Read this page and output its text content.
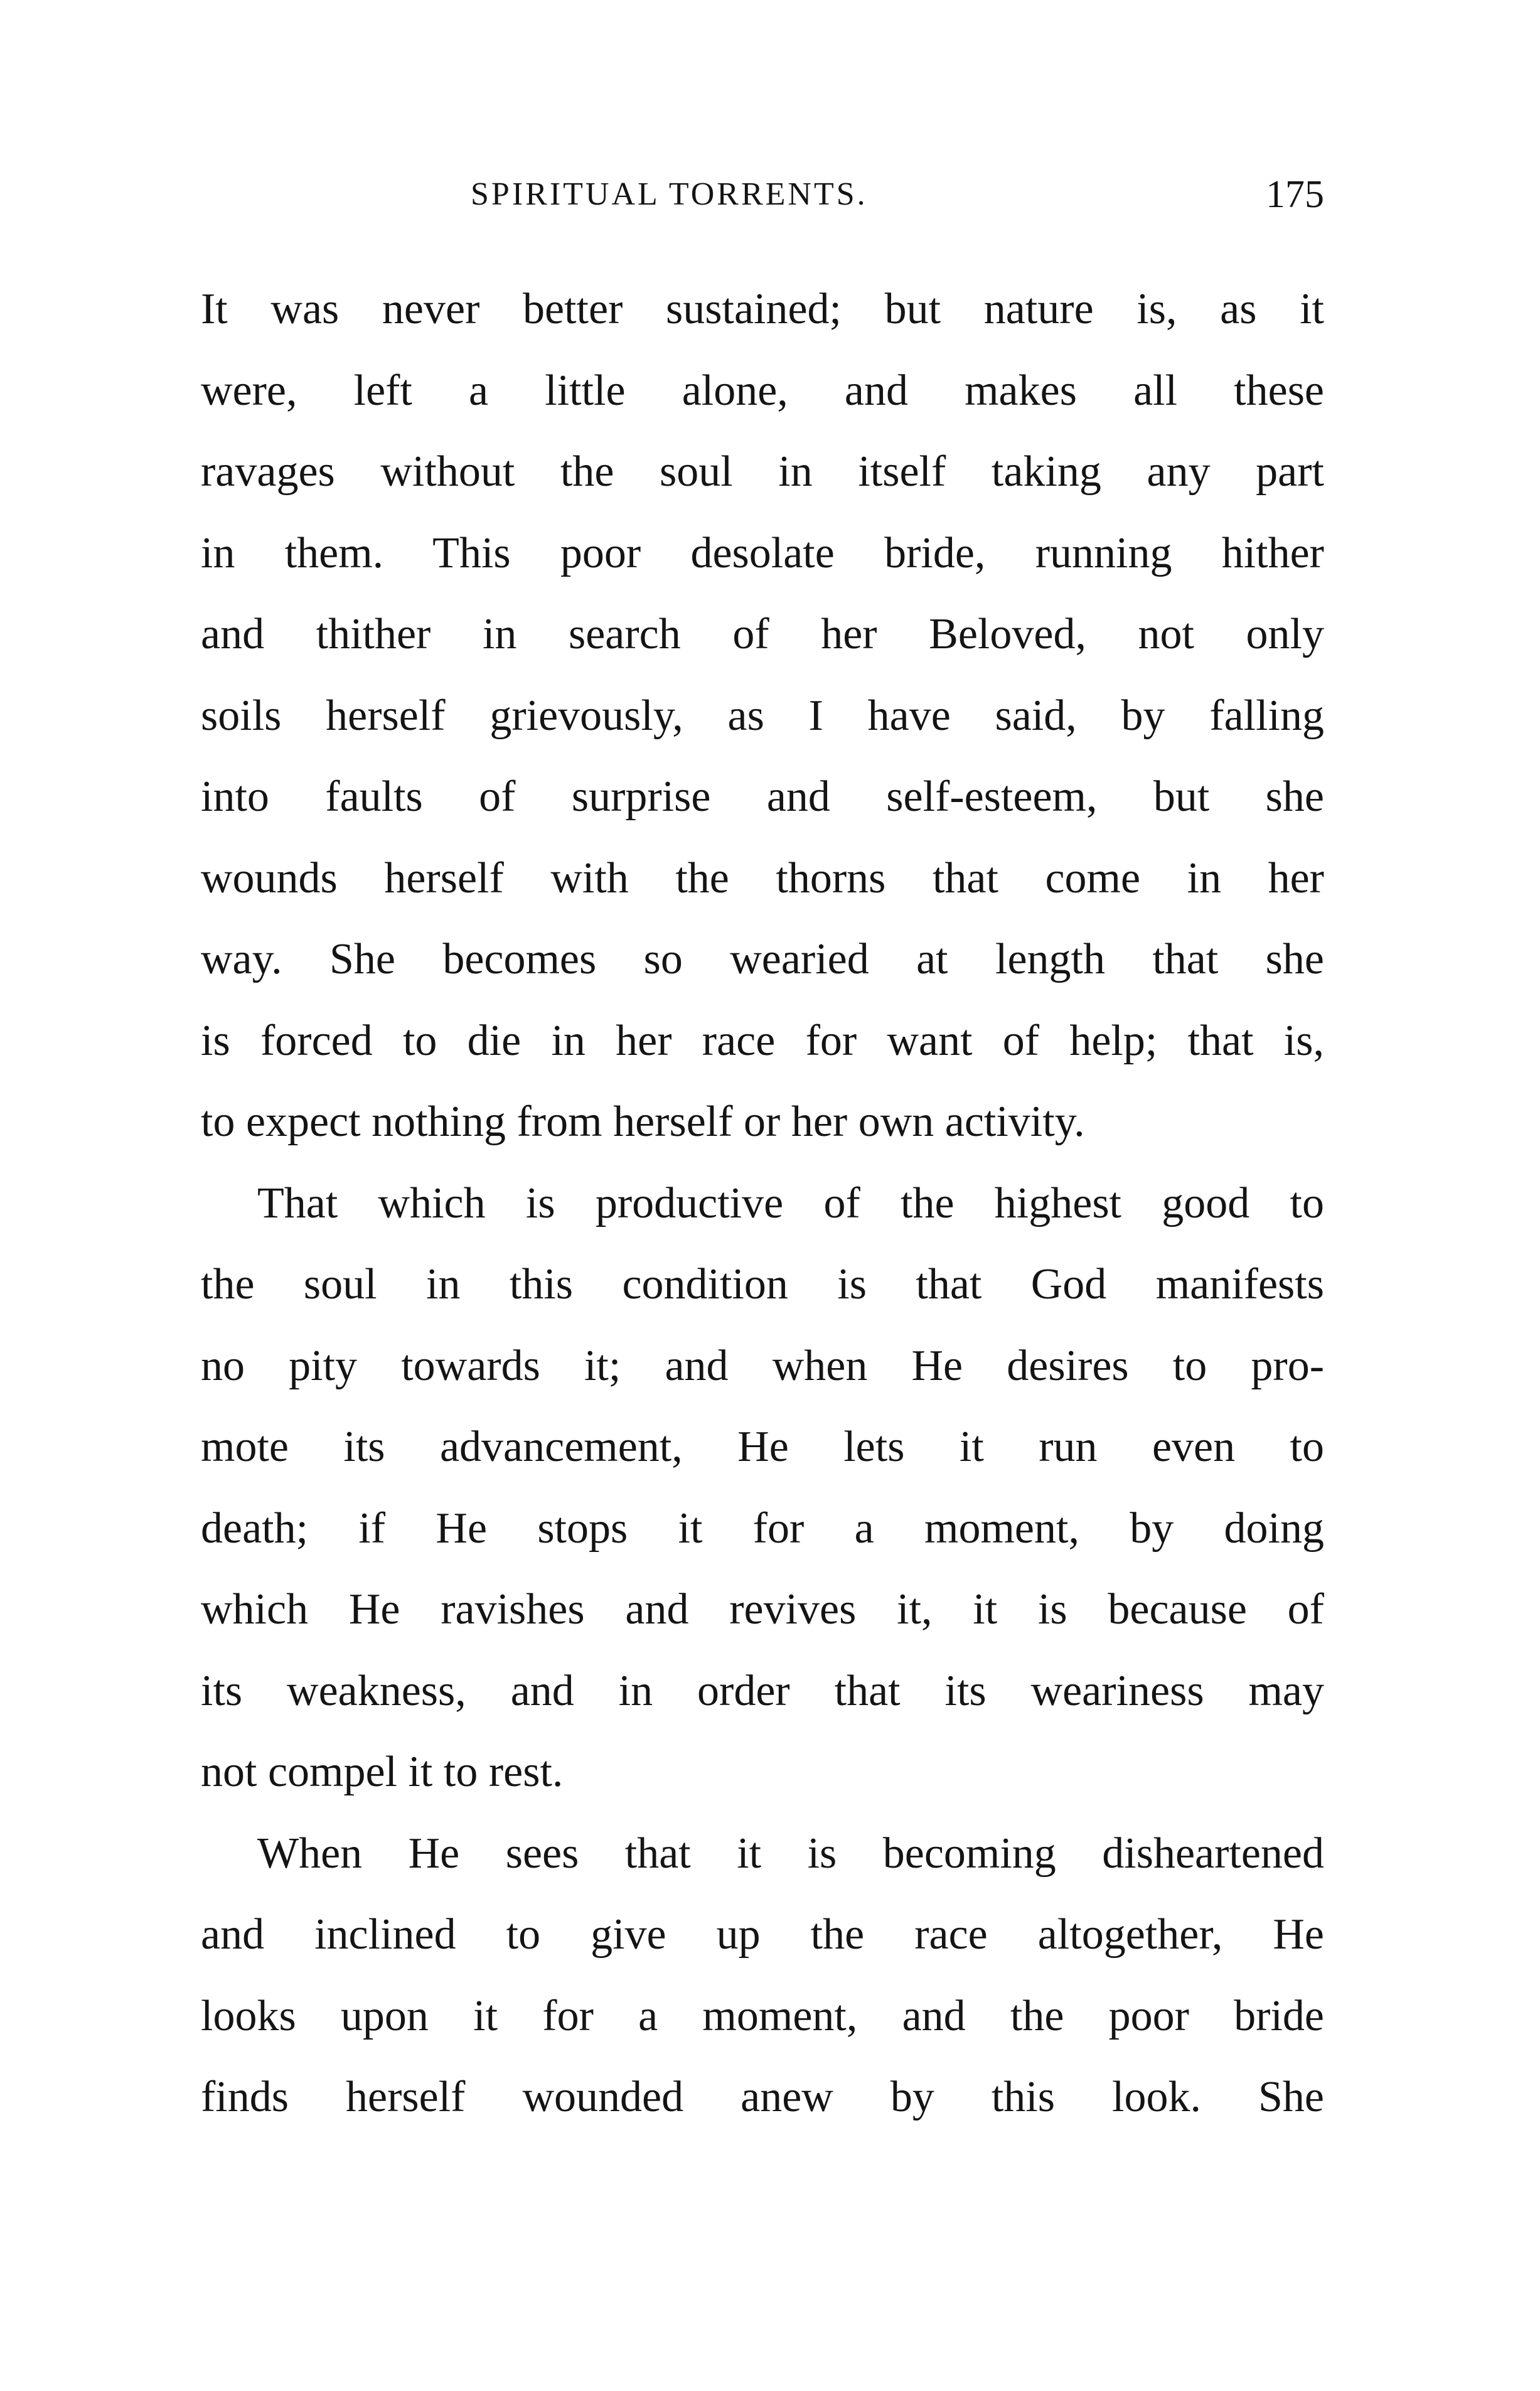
SPIRITUAL TORRENTS.	175
It was never better sustained; but nature is, as it
were, left a little alone, and makes all these
ravages without the soul in itself taking any part
in them. This poor desolate bride, running hither
and thither in search of her Beloved, not only
soils herself grievously, as I have said, by falling
into faults of surprise and self-esteem, but she
wounds herself with the thorns that come in her
way. She becomes so wearied at length that she
is forced to die in her race for want of help; that is,
to expect nothing from herself or her own activity.
That which is productive of the highest good to
the soul in this condition is that God manifests
no pity towards it; and when He desires to pro-
mote its advancement, He lets it run even to
death; if He stops it for a moment, by doing
which He ravishes and revives it, it is because of
its weakness, and in order that its weariness may
not compel it to rest.
When He sees that it is becoming disheartened
and inclined to give up the race altogether, He
looks upon it for a moment, and the poor bride
finds herself wounded anew by this look. She
